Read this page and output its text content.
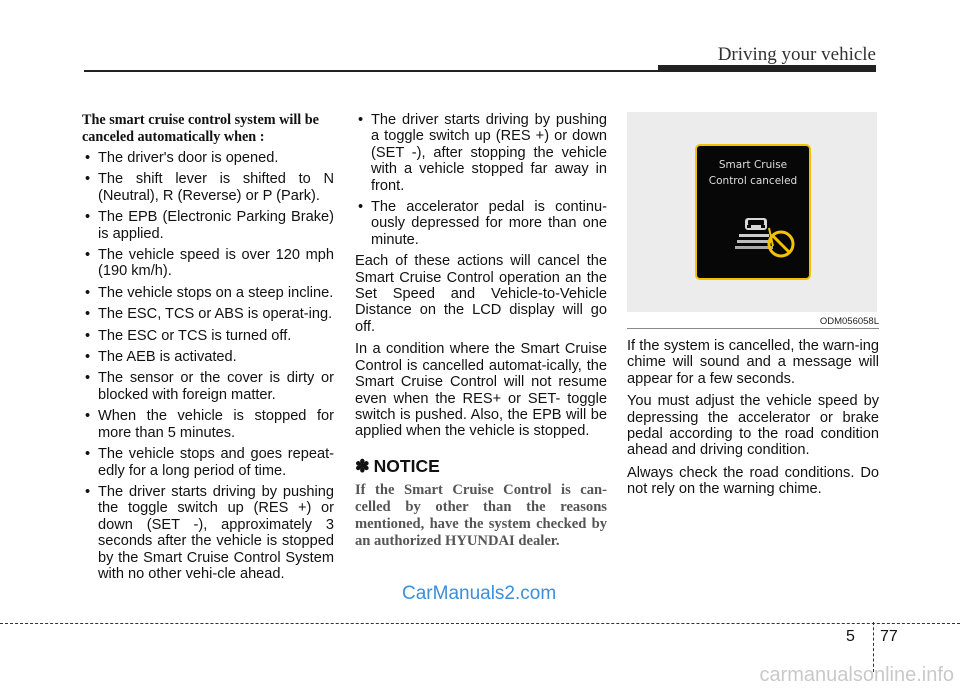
Driving your vehicle

The smart cruise control system will be canceled automatically when :

• The driver's door is opened.
• The shift lever is shifted to N (Neutral), R (Reverse) or P (Park).
• The EPB (Electronic Parking Brake) is applied.
• The vehicle speed is over 120 mph (190 km/h).
• The vehicle stops on a steep incline.
• The ESC, TCS or ABS is operat-ing.
• The ESC or TCS is turned off.
• The AEB is activated.
• The sensor or the cover is dirty or blocked with foreign matter.
• When the vehicle is stopped for more than 5 minutes.
• The vehicle stops and goes repeat-edly for a long period of time.
• The driver starts driving by pushing the toggle switch up (RES +) or down (SET -), approximately 3 seconds after the vehicle is stopped by the Smart Cruise Control System with no other vehi-cle ahead.
• The driver starts driving by pushing a toggle switch up (RES +) or down (SET -), after stopping the vehicle with a vehicle stopped far away in front.
• The accelerator pedal is continu-ously depressed for more than one minute.

Each of these actions will cancel the Smart Cruise Control operation an the Set Speed and Vehicle-to-Vehicle Distance on the LCD display will go off.

In a condition where the Smart Cruise Control is cancelled automat-ically, the Smart Cruise Control will not resume even when the RES+ or SET- toggle switch is pushed. Also, the EPB will be applied when the vehicle is stopped.

✽ NOTICE

If the Smart Cruise Control is can-celled by other than the reasons mentioned, have the system checked by an authorized HYUNDAI dealer.

Smart Cruise
Control canceled
ODM056058L

If the system is cancelled, the warn-ing chime will sound and a message will appear for a few seconds.

You must adjust the vehicle speed by depressing the accelerator or brake pedal according to the road condition ahead and driving condition.

Always check the road conditions. Do not rely on the warning chime.

CarManuals2.com
5 77
carmanualsonline.info
